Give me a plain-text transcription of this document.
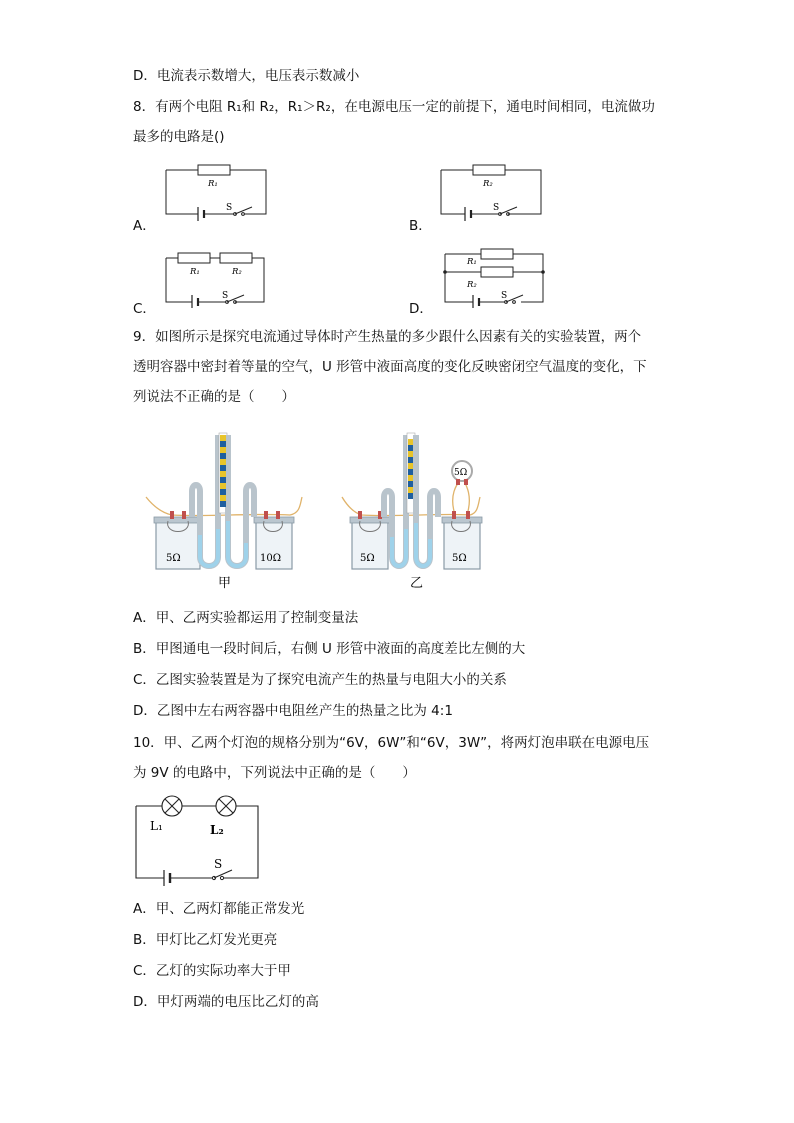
D．电流表示数增大，电压表示数减小
8．有两个电阻 R₁和 R₂，R₁＞R₂，在电源电压一定的前提下，通电时间相同，电流做功
最多的电路是()
A．
R₁
S
B．
R₂
S
C．
R₁	R₂
S
D．
R₁
R₂
S
9．如图所示是探究电流通过导体时产生热量的多少跟什么因素有关的实验装置，两个
透明容器中密封着等量的空气，U 形管中液面高度的变化反映密闭空气温度的变化，下
列说法不正确的是（　　）
5Ω	10Ω
甲
5Ω	5Ω
5Ω
乙
A．甲、乙两实验都运用了控制变量法
B．甲图通电一段时间后，右侧 U 形管中液面的高度差比左侧的大
C．乙图实验装置是为了探究电流产生的热量与电阻大小的关系
D．乙图中左右两容器中电阻丝产生的热量之比为 4:1
10．甲、乙两个灯泡的规格分别为“6V，6W”和“6V，3W”，将两灯泡串联在电源电压
为 9V 的电路中，下列说法中正确的是（　　）
L₁	L₂
S
A．甲、乙两灯都能正常发光
B．甲灯比乙灯发光更亮
C．乙灯的实际功率大于甲
D．甲灯两端的电压比乙灯的高
